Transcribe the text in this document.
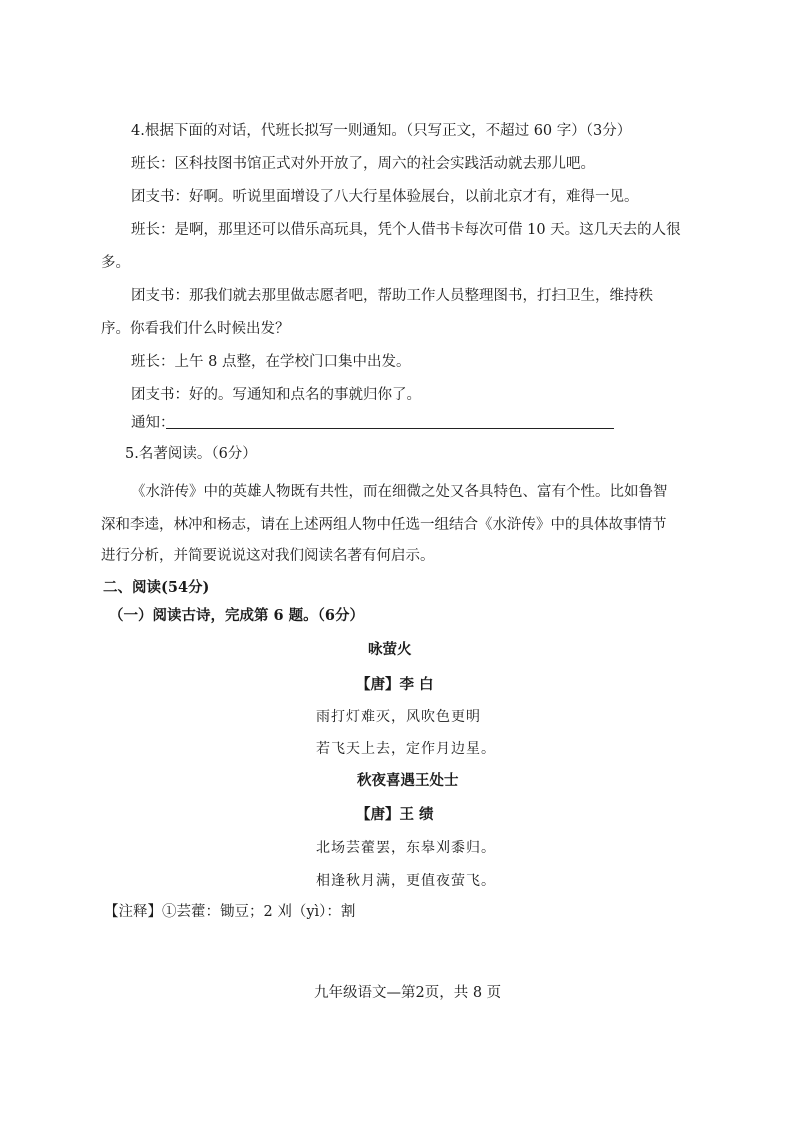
4.根据下面的对话，代班长拟写一则通知。（只写正文，不超过 60 字）（3分）
班长：区科技图书馆正式对外开放了，周六的社会实践活动就去那儿吧。
团支书：好啊。听说里面增设了八大行星体验展台，以前北京才有，难得一见。
班长：是啊，那里还可以借乐高玩具，凭个人借书卡每次可借 10 天。这几天去的人很
多。
团支书：那我们就去那里做志愿者吧，帮助工作人员整理图书，打扫卫生，维持秩
序。你看我们什么时候出发？
班长：上午 8 点整，在学校门口集中出发。
团支书：好的。写通知和点名的事就归你了。
通知：
5.名著阅读。（6分）
《水浒传》中的英雄人物既有共性，而在细微之处又各具特色、富有个性。比如鲁智
深和李逵，林冲和杨志，请在上述两组人物中任选一组结合《水浒传》中的具体故事情节
进行分析，并简要说说这对我们阅读名著有何启示。
二、阅读(54分)
（一）阅读古诗，完成第 6 题。（6分）
咏萤火
【唐】李 白
雨打灯难灭，风吹色更明
若飞天上去，定作月边星。
秋夜喜遇王处士
【唐】王 绩
北场芸藿罢，东皋刈黍归。
相逢秋月满，更值夜萤飞。
【注释】①芸藿：锄豆；2 刈（yì）：割
九年级语文—第2页，共 8 页
